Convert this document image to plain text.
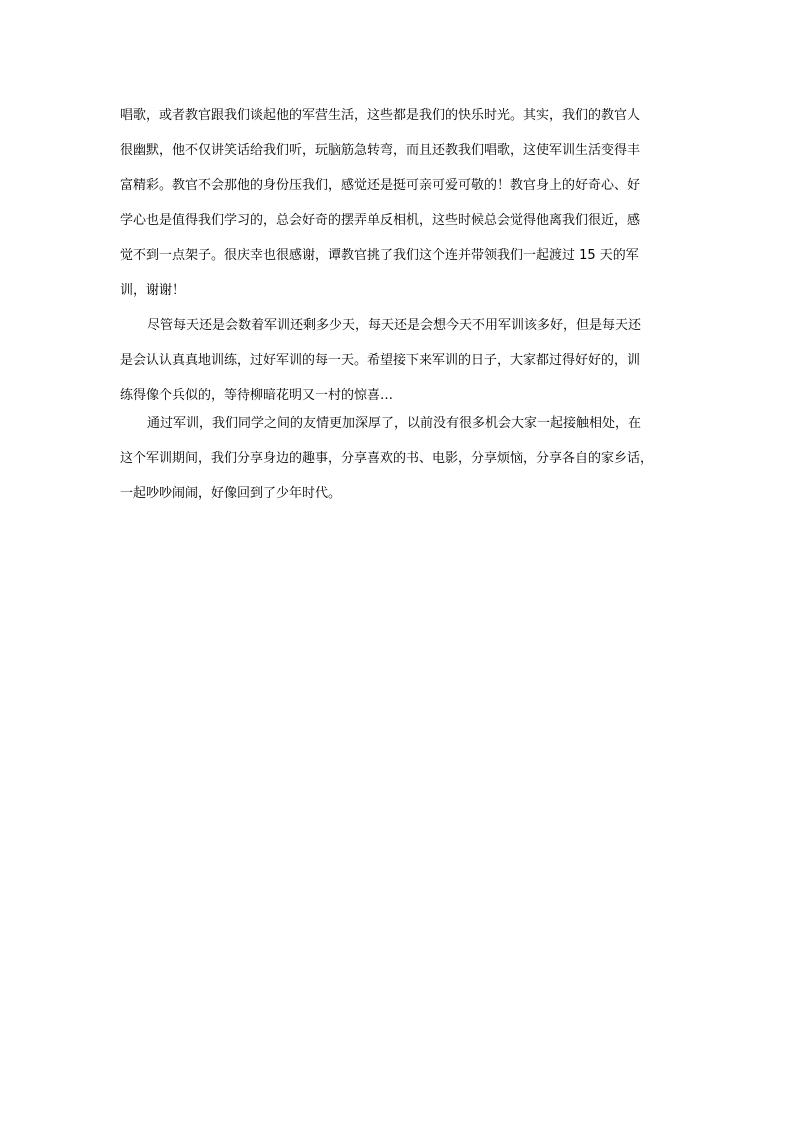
唱歌，或者教官跟我们谈起他的军营生活，这些都是我们的快乐时光。其实，我们的教官人
很幽默，他不仅讲笑话给我们听，玩脑筋急转弯，而且还教我们唱歌，这使军训生活变得丰
富精彩。教官不会那他的身份压我们，感觉还是挺可亲可爱可敬的！教官身上的好奇心、好
学心也是值得我们学习的，总会好奇的摆弄单反相机，这些时候总会觉得他离我们很近，感
觉不到一点架子。很庆幸也很感谢，谭教官挑了我们这个连并带领我们一起渡过 15 天的军
训，谢谢！
尽管每天还是会数着军训还剩多少天，每天还是会想今天不用军训该多好，但是每天还
是会认认真真地训练，过好军训的每一天。希望接下来军训的日子，大家都过得好好的，训
练得像个兵似的，等待柳暗花明又一村的惊喜…
通过军训，我们同学之间的友情更加深厚了，以前没有很多机会大家一起接触相处，在
这个军训期间，我们分享身边的趣事，分享喜欢的书、电影，分享烦恼，分享各自的家乡话，
一起吵吵闹闹，好像回到了少年时代。
